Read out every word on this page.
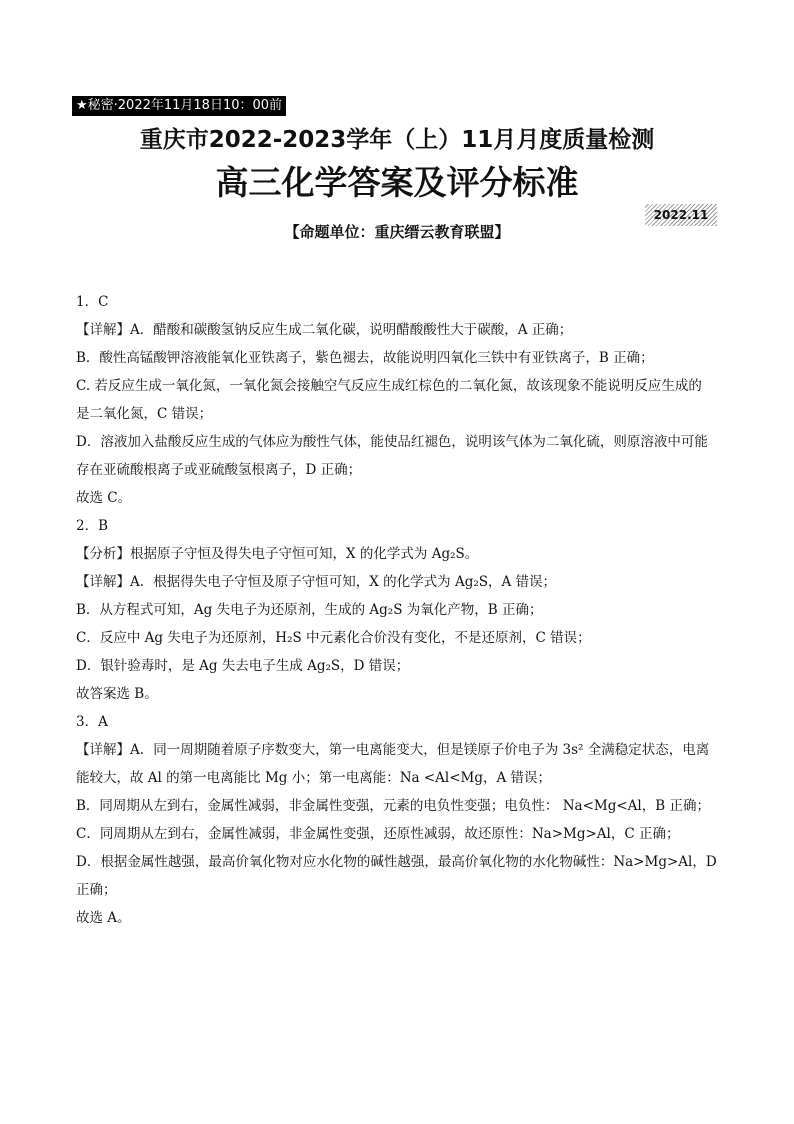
★秘密·2022年11月18日10：00前
重庆市2022-2023学年（上）11月月度质量检测
高三化学答案及评分标准
2022.11
【命题单位：重庆缙云教育联盟】

1．C

【详解】A．醋酸和碳酸氢钠反应生成二氧化碳，说明醋酸酸性大于碳酸，A 正确；

B．酸性高锰酸钾溶液能氧化亚铁离子，紫色褪去，故能说明四氧化三铁中有亚铁离子，B 正确；

C. 若反应生成一氧化氮，一氧化氮会接触空气反应生成红棕色的二氧化氮，故该现象不能说明反应生成的

是二氧化氮，C 错误；

D．溶液加入盐酸反应生成的气体应为酸性气体，能使品红褪色，说明该气体为二氧化硫，则原溶液中可能

存在亚硫酸根离子或亚硫酸氢根离子，D 正确；

故选 C。

2．B

【分析】根据原子守恒及得失电子守恒可知，X 的化学式为 Ag₂S。

【详解】A．根据得失电子守恒及原子守恒可知，X 的化学式为 Ag₂S，A 错误；

B．从方程式可知，Ag 失电子为还原剂，生成的 Ag₂S 为氧化产物，B 正确；

C．反应中 Ag 失电子为还原剂，H₂S 中元素化合价没有变化，不是还原剂，C 错误；

D．银针验毒时，是 Ag 失去电子生成 Ag₂S，D 错误；

故答案选 B。

3．A

【详解】A．同一周期随着原子序数变大，第一电离能变大，但是镁原子价电子为 3s² 全满稳定状态，电离

能较大，故 Al 的第一电离能比 Mg 小；第一电离能：Na <Al<Mg，A 错误；

B．同周期从左到右，金属性减弱，非金属性变强，元素的电负性变强；电负性： Na<Mg<Al，B 正确；

C．同周期从左到右，金属性减弱，非金属性变强，还原性减弱，故还原性：Na>Mg>Al，C 正确；

D．根据金属性越强，最高价氧化物对应水化物的碱性越强，最高价氧化物的水化物碱性：Na>Mg>Al，D

正确；

故选 A。
